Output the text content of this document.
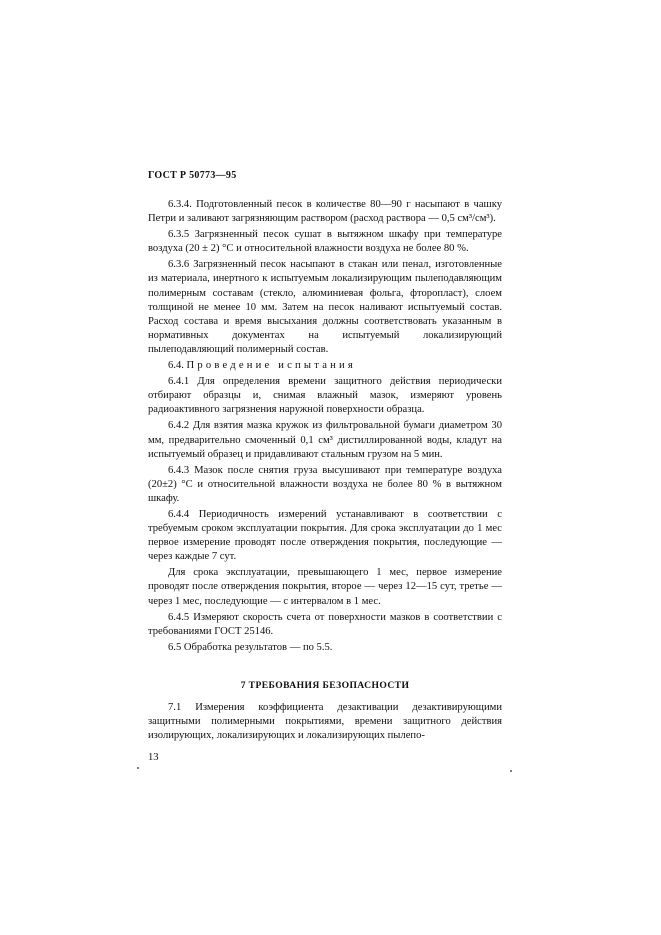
ГОСТ Р 50773—95

6.3.4. Подготовленный песок в количестве 80—90 г насыпают в чашку Петри и заливают загрязняющим раствором (расход раствора — 0,5 см³/см³).

6.3.5 Загрязненный песок сушат в вытяжном шкафу при температуре воздуха (20 ± 2) °С и относительной влажности воздуха не более 80 %.

6.3.6 Загрязненный песок насыпают в стакан или пенал, изготовленные из материала, инертного к испытуемым локализирующим пылеподавляющим полимерным составам (стекло, алюминиевая фольга, фторопласт), слоем толщиной не менее 10 мм. Затем на песок наливают испытуемый состав. Расход состава и время высыхания должны соответствовать указанным в нормативных документах на испытуемый локализирующий пылеподавляющий полимерный состав.

6.4. Проведение испытания

6.4.1 Для определения времени защитного действия периодически отбирают образцы и, снимая влажный мазок, измеряют уровень радиоактивного загрязнения наружной поверхности образца.

6.4.2 Для взятия мазка кружок из фильтровальной бумаги диаметром 30 мм, предварительно смоченный 0,1 см³ дистиллированной воды, кладут на испытуемый образец и придавливают стальным грузом на 5 мин.

6.4.3 Мазок после снятия груза высушивают при температуре воздуха (20±2) °С и относительной влажности воздуха не более 80 % в вытяжном шкафу.

6.4.4 Периодичность измерений устанавливают в соответствии с требуемым сроком эксплуатации покрытия. Для срока эксплуатации до 1 мес первое измерение проводят после отверждения покрытия, последующие — через каждые 7 сут.

Для срока эксплуатации, превышающего 1 мес, первое измерение проводят после отверждения покрытия, второе — через 12—15 сут, третье — через 1 мес, последующие — с интервалом в 1 мес.

6.4.5 Измеряют скорость счета от поверхности мазков в соответствии с требованиями ГОСТ 25146.

6.5 Обработка результатов — по 5.5.

7 ТРЕБОВАНИЯ БЕЗОПАСНОСТИ

7.1 Измерения коэффициента дезактивации дезактивирующими защитными полимерными покрытиями, времени защитного действия изолирующих, локализирующих и локализирующих пылепо-

13
